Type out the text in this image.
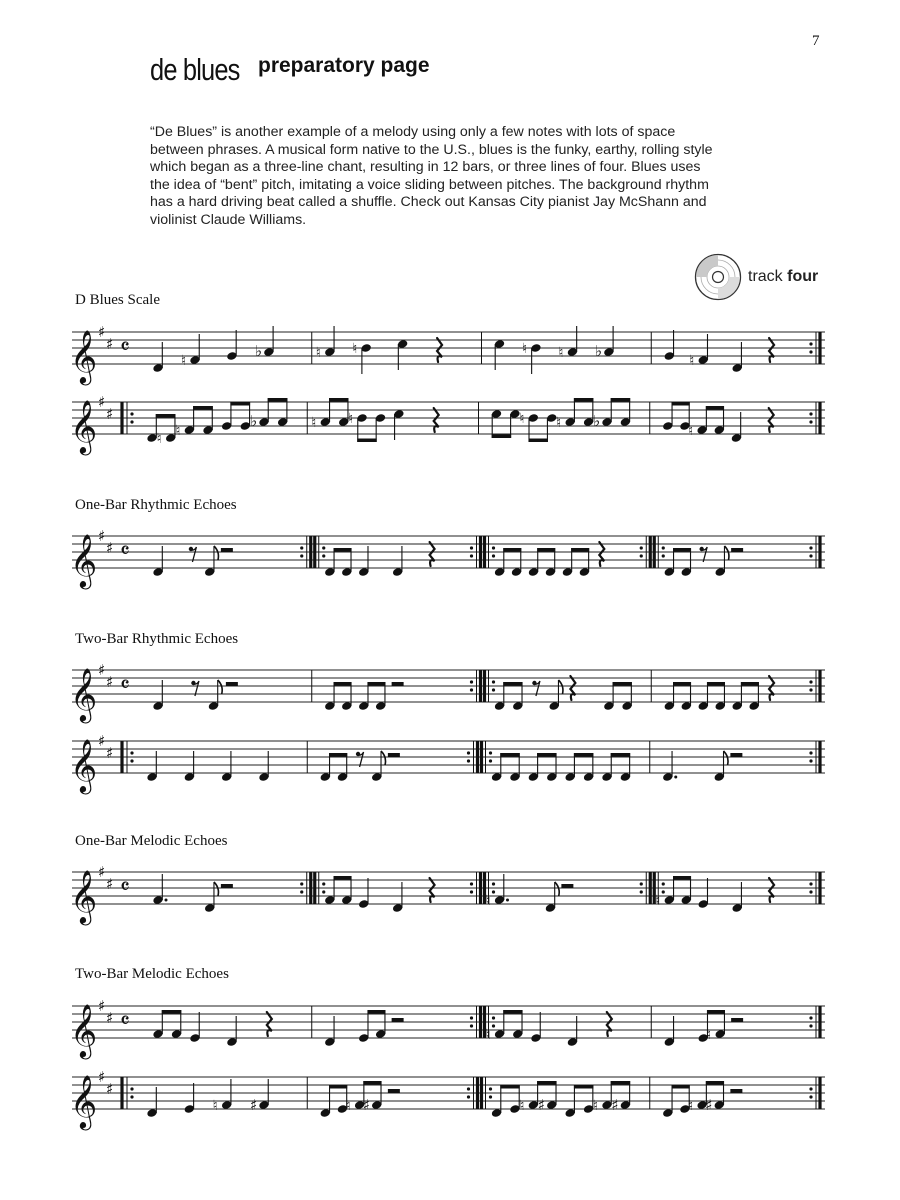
7
de blues preparatory page
“De Blues” is another example of a melody using only a few notes with lots of space
between phrases. A musical form native to the U.S., blues is the funky, earthy, rolling style
which began as a three-line chant, resulting in 12 bars, or three lines of four. Blues uses
the idea of “bent” pitch, imitating a voice sliding between pitches. The background rhythm
has a hard driving beat called a shuffle. Check out Kansas City pianist Jay McShann and
violinist Claude Williams.
track four
D Blues Scale
𝄞 ♯
♯ 𝄴
♮
♭	♮ ♮	♮ ♮ ♭
♮
𝄞 ♯
♯
♮ ♮
♭	♮ ♮	♮ ♮ ♭
♮
One-Bar Rhythmic Echoes
𝄞 ♯
♯ 𝄴
Two-Bar Rhythmic Echoes
𝄞 ♯
♯ 𝄴
𝄞 ♯
♯
One-Bar Melodic Echoes
𝄞 ♯
♯ 𝄴
♮	♮
Two-Bar Melodic Echoes
𝄞 ♯
♯ 𝄴
♮	♮
𝄞 ♯
♯
♮ ♯	♮ ♯	♮ ♯	♮ ♯	♮ ♯
